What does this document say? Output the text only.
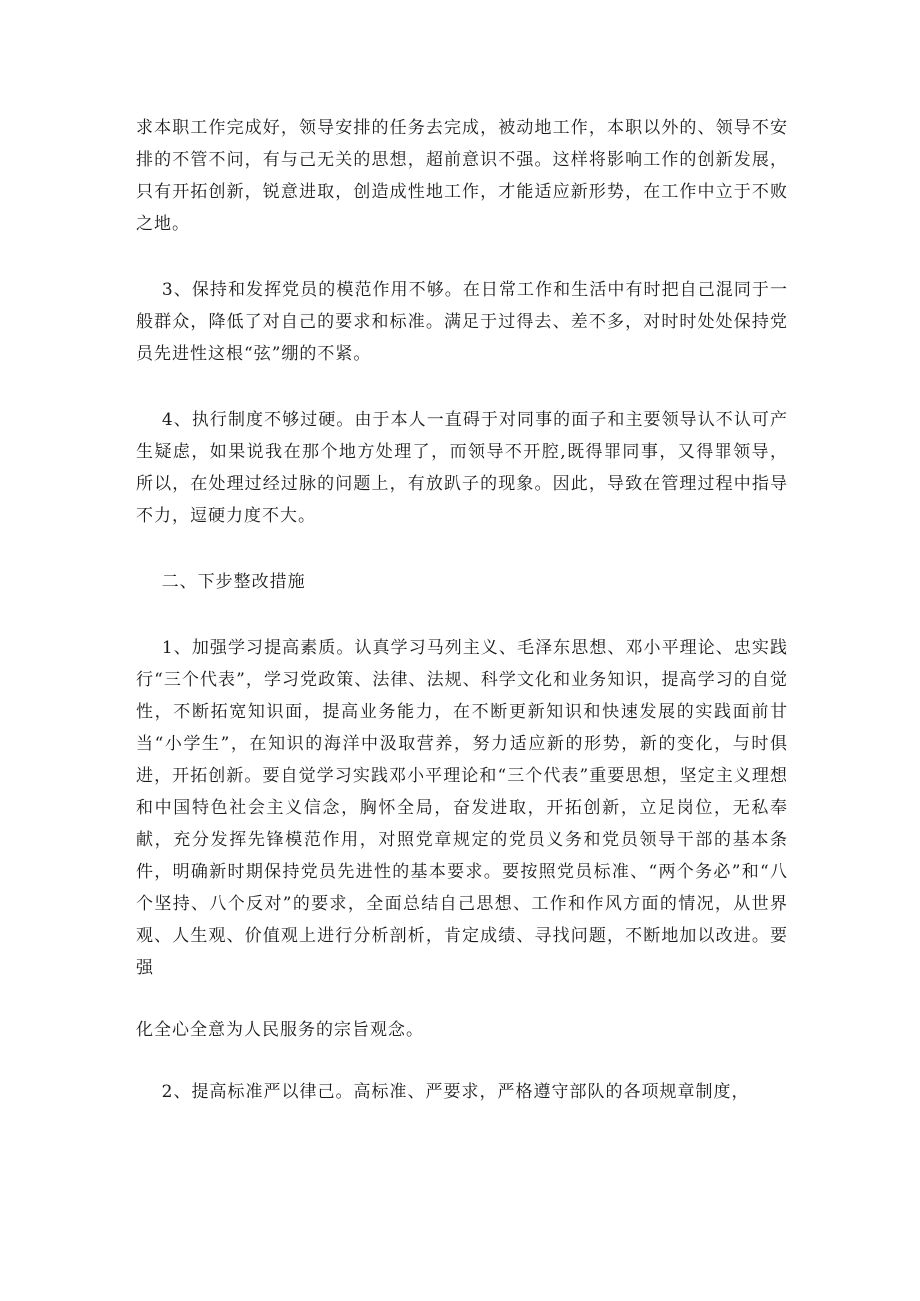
求本职工作完成好，领导安排的任务去完成，被动地工作，本职以外的、领导不安排的不管不问，有与己无关的思想，超前意识不强。这样将影响工作的创新发展，只有开拓创新，锐意进取，创造成性地工作，才能适应新形势，在工作中立于不败之地。

3、保持和发挥党员的模范作用不够。在日常工作和生活中有时把自己混同于一般群众，降低了对自己的要求和标准。满足于过得去、差不多，对时时处处保持党员先进性这根“弦”绷的不紧。

4、执行制度不够过硬。由于本人一直碍于对同事的面子和主要领导认不认可产生疑虑，如果说我在那个地方处理了，而领导不开腔,既得罪同事，又得罪领导，所以，在处理过经过脉的问题上，有放趴子的现象。因此，导致在管理过程中指导不力，逗硬力度不大。

二、下步整改措施

1、加强学习提高素质。认真学习马列主义、毛泽东思想、邓小平理论、忠实践行“三个代表”，学习党政策、法律、法规、科学文化和业务知识，提高学习的自觉性，不断拓宽知识面，提高业务能力，在不断更新知识和快速发展的实践面前甘当“小学生”，在知识的海洋中汲取营养，努力适应新的形势，新的变化，与时俱进，开拓创新。要自觉学习实践邓小平理论和“三个代表”重要思想，坚定主义理想和中国特色社会主义信念，胸怀全局，奋发进取，开拓创新，立足岗位，无私奉献，充分发挥先锋模范作用，对照党章规定的党员义务和党员领导干部的基本条件，明确新时期保持党员先进性的基本要求。要按照党员标准、“两个务必”和“八个坚持、八个反对”的要求，全面总结自己思想、工作和作风方面的情况，从世界观、人生观、价值观上进行分析剖析，肯定成绩、寻找问题，不断地加以改进。要强

化全心全意为人民服务的宗旨观念。

2、提高标准严以律己。高标准、严要求，严格遵守部队的各项规章制度，
